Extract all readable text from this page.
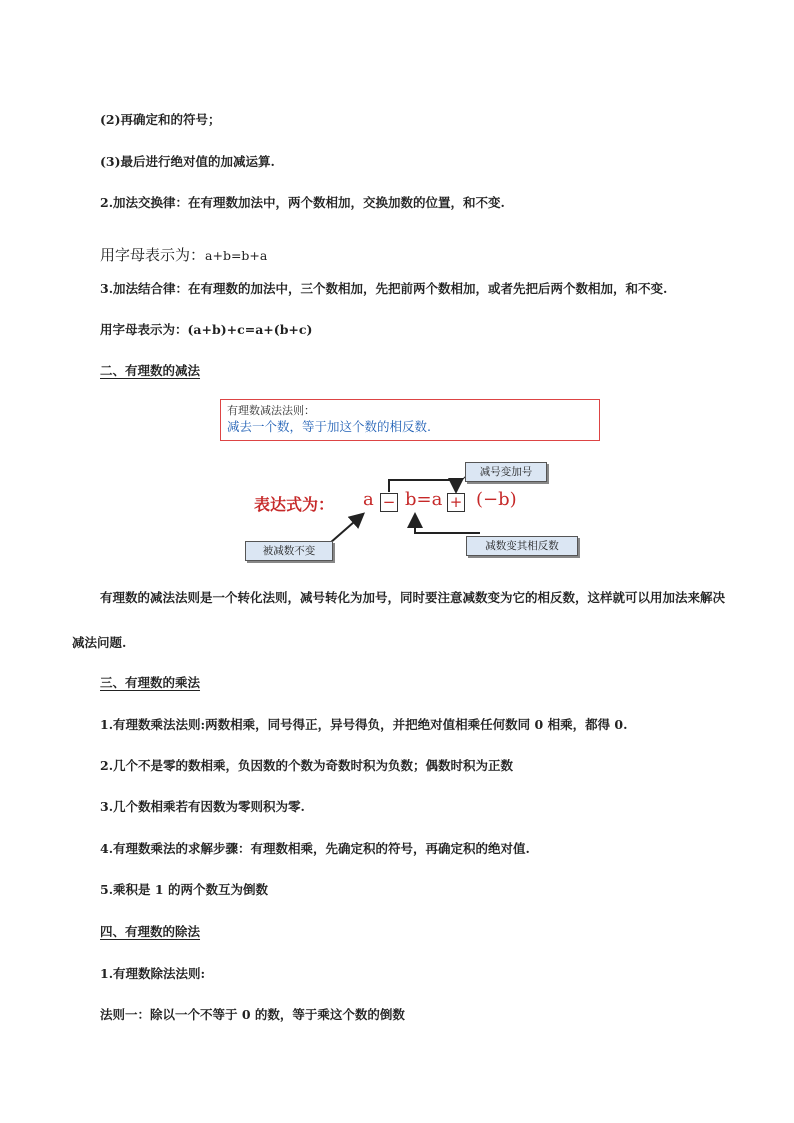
(2)再确定和的符号；
(3)最后进行绝对值的加减运算.
2.加法交换律：在有理数加法中，两个数相加，交换加数的位置，和不变.
用字母表示为：a+b=b+a
3.加法结合律：在有理数的加法中，三个数相加，先把前两个数相加，或者先把后两个数相加，和不变.
用字母表示为：(a+b)+c=a+(b+c)
二、有理数的减法
有理数减法法则：
减去一个数，等于加这个数的相反数.
减号变加号
表达式为： a − b=a + (−b)
被减数不变	减数变其相反数
有理数的减法法则是一个转化法则，减号转化为加号，同时要注意减数变为它的相反数，这样就可以用加法来解决减法问题.
三、有理数的乘法
1.有理数乘法法则:两数相乘，同号得正，异号得负，并把绝对值相乘任何数同 0 相乘，都得 0.
2.几个不是零的数相乘，负因数的个数为奇数时积为负数；偶数时积为正数
3.几个数相乘若有因数为零则积为零.
4.有理数乘法的求解步骤：有理数相乘，先确定积的符号，再确定积的绝对值.
5.乘积是 1 的两个数互为倒数
四、有理数的除法
1.有理数除法法则:
法则一：除以一个不等于 0 的数，等于乘这个数的倒数
